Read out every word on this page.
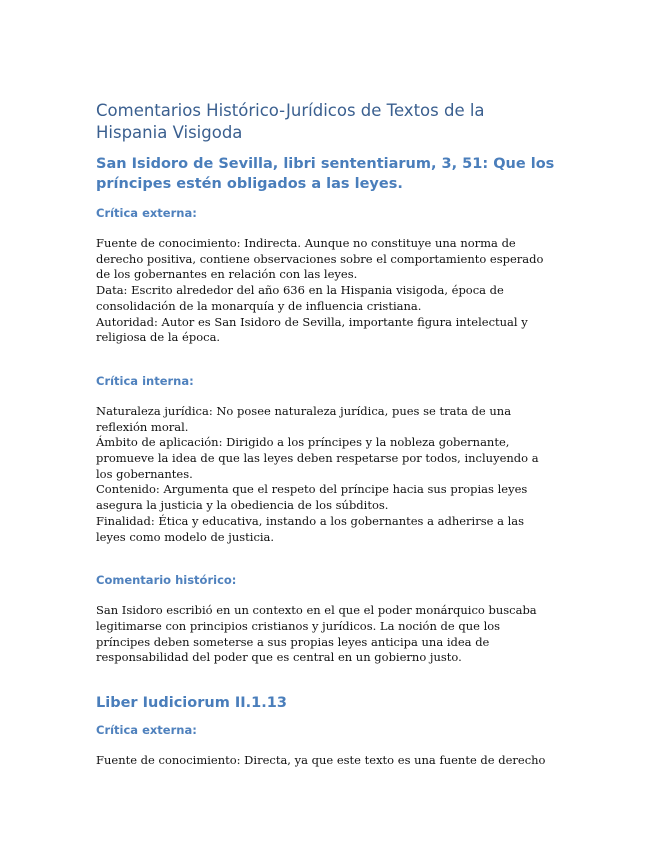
Comentarios Histórico-Jurídicos de Textos de la
Hispania Visigoda
San Isidoro de Sevilla, libri sententiarum, 3, 51: Que los
príncipes estén obligados a las leyes.
Crítica externa:
Fuente de conocimiento: Indirecta. Aunque no constituye una norma de
derecho positiva, contiene observaciones sobre el comportamiento esperado
de los gobernantes en relación con las leyes.
Data: Escrito alrededor del año 636 en la Hispania visigoda, época de
consolidación de la monarquía y de influencia cristiana.
Autoridad: Autor es San Isidoro de Sevilla, importante figura intelectual y
religiosa de la época.
Crítica interna:
Naturaleza jurídica: No posee naturaleza jurídica, pues se trata de una
reflexión moral.
Ámbito de aplicación: Dirigido a los príncipes y la nobleza gobernante,
promueve la idea de que las leyes deben respetarse por todos, incluyendo a
los gobernantes.
Contenido: Argumenta que el respeto del príncipe hacia sus propias leyes
asegura la justicia y la obediencia de los súbditos.
Finalidad: Ética y educativa, instando a los gobernantes a adherirse a las
leyes como modelo de justicia.
Comentario histórico:
San Isidoro escribió en un contexto en el que el poder monárquico buscaba
legitimarse con principios cristianos y jurídicos. La noción de que los
príncipes deben someterse a sus propias leyes anticipa una idea de
responsabilidad del poder que es central en un gobierno justo.
Liber Iudiciorum II.1.13
Crítica externa:
Fuente de conocimiento: Directa, ya que este texto es una fuente de derecho
